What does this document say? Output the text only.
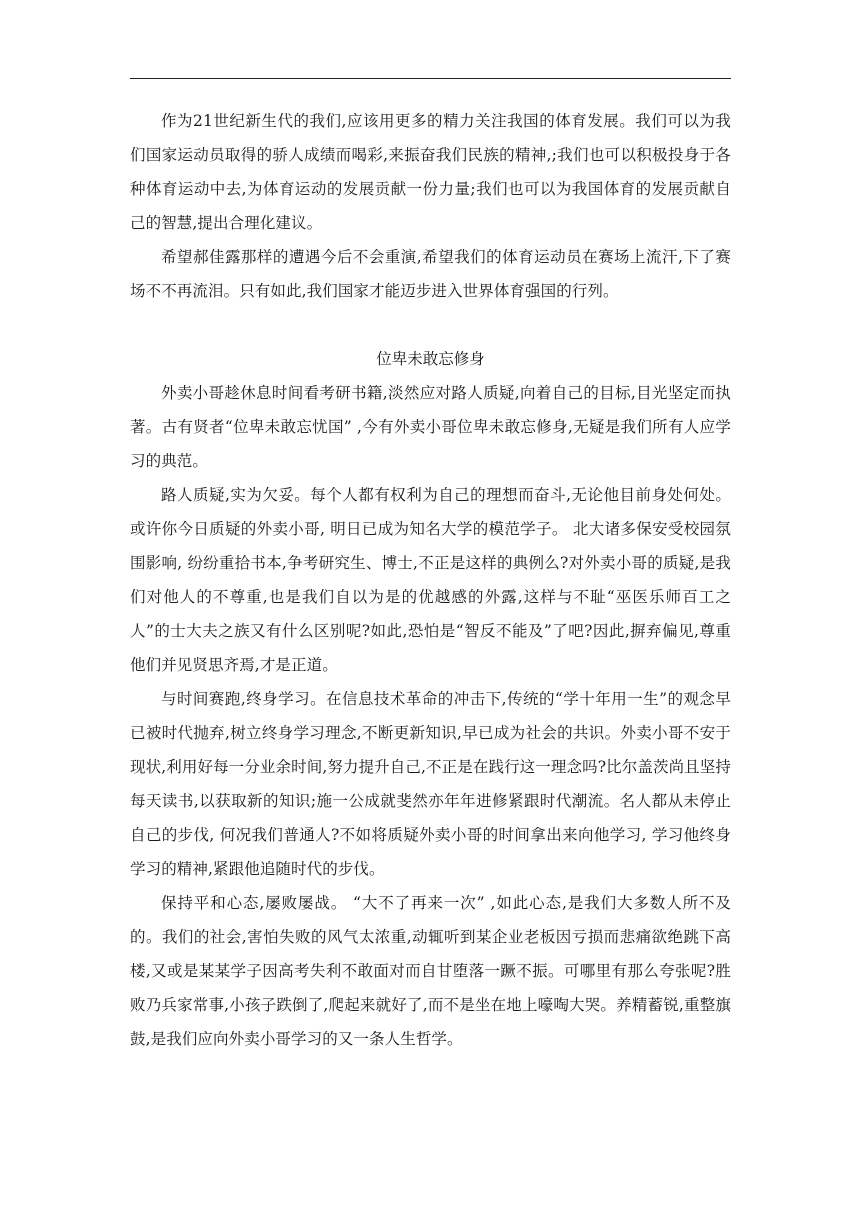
作为21世纪新生代的我们,应该用更多的精力关注我国的体育发展。我们可以为我们国家运动员取得的骄人成绩而喝彩,来振奋我们民族的精神,;我们也可以积极投身于各种体育运动中去,为体育运动的发展贡献一份力量;我们也可以为我国体育的发展贡献自己的智慧,提出合理化建议。

希望郝佳露那样的遭遇今后不会重演,希望我们的体育运动员在赛场上流汗,下了赛场不不再流泪。只有如此,我们国家才能迈步进入世界体育强国的行列。

位卑未敢忘修身

外卖小哥趁休息时间看考研书籍,淡然应对路人质疑,向着自己的目标,目光坚定而执著。古有贤者“位卑未敢忘忧国” ,今有外卖小哥位卑未敢忘修身,无疑是我们所有人应学习的典范。

路人质疑,实为欠妥。每个人都有权利为自己的理想而奋斗,无论他目前身处何处。或许你今日质疑的外卖小哥, 明日已成为知名大学的模范学子。 北大诸多保安受校园氛围影响, 纷纷重拾书本,争考研究生、博士,不正是这样的典例么?对外卖小哥的质疑,是我们对他人的不尊重,也是我们自以为是的优越感的外露,这样与不耻“巫医乐师百工之人”的士大夫之族又有什么区别呢?如此,恐怕是“智反不能及”了吧?因此,摒弃偏见,尊重他们并见贤思齐焉,才是正道。

与时间赛跑,终身学习。在信息技术革命的冲击下,传统的“学十年用一生”的观念早已被时代抛弃,树立终身学习理念,不断更新知识,早已成为社会的共识。外卖小哥不安于现状,利用好每一分业余时间,努力提升自己,不正是在践行这一理念吗?比尔盖茨尚且坚持每天读书,以获取新的知识;施一公成就斐然亦年年进修紧跟时代潮流。名人都从未停止自己的步伐, 何况我们普通人?不如将质疑外卖小哥的时间拿出来向他学习, 学习他终身学习的精神,紧跟他追随时代的步伐。

保持平和心态,屡败屡战。 “大不了再来一次” ,如此心态,是我们大多数人所不及的。我们的社会,害怕失败的风气太浓重,动辄听到某企业老板因亏损而悲痛欲绝跳下高楼,又或是某某学子因高考失利不敢面对而自甘堕落一蹶不振。可哪里有那么夸张呢?胜败乃兵家常事,小孩子跌倒了,爬起来就好了,而不是坐在地上嚎啕大哭。养精蓄锐,重整旗鼓,是我们应向外卖小哥学习的又一条人生哲学。
